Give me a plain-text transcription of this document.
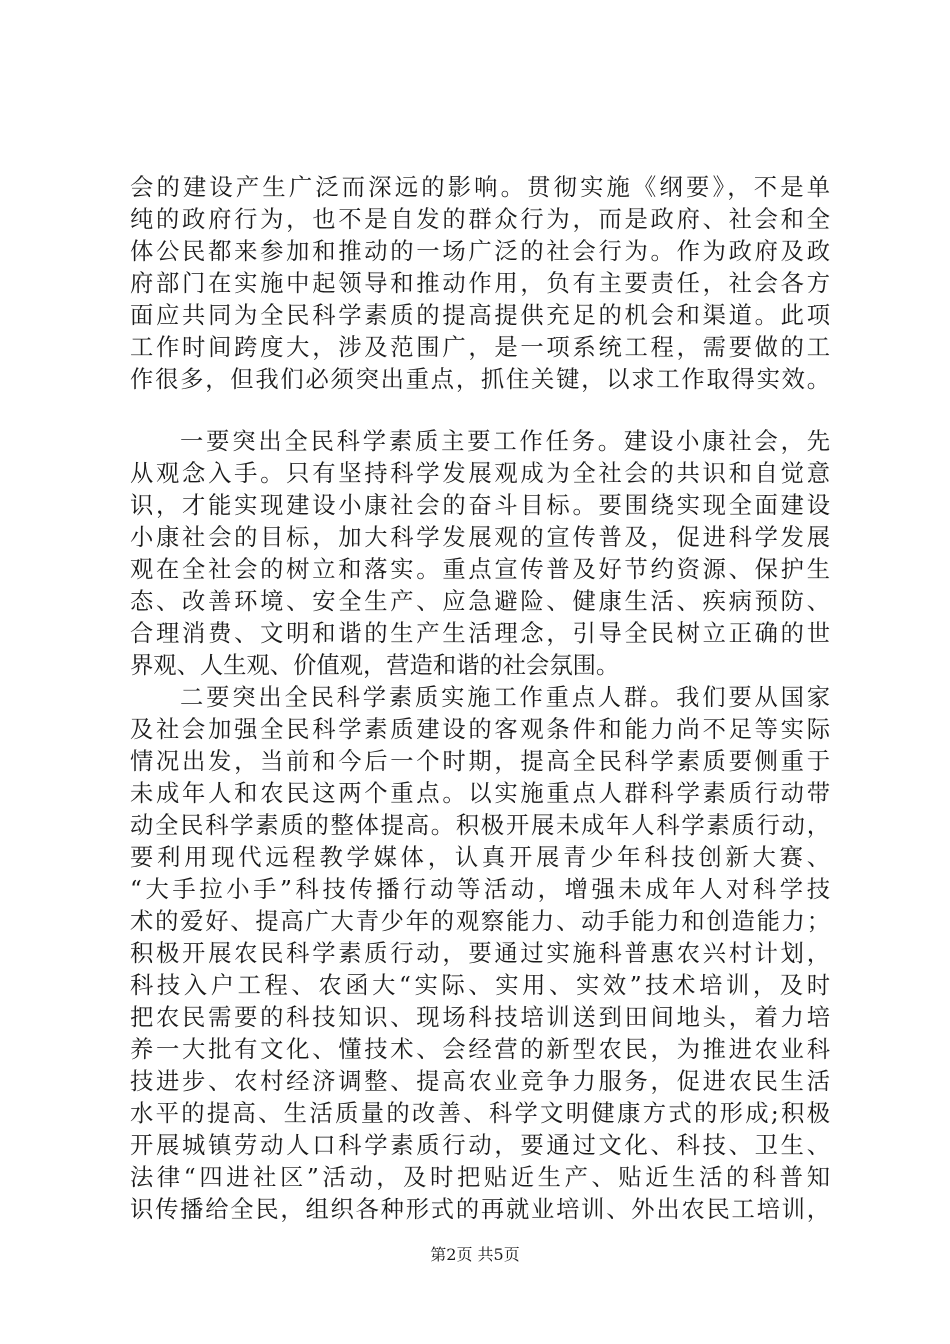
会的建设产生广泛而深远的影响。贯彻实施《纲要》，不是单
纯的政府行为，也不是自发的群众行为，而是政府、社会和全
体公民都来参加和推动的一场广泛的社会行为。作为政府及政
府部门在实施中起领导和推动作用，负有主要责任，社会各方
面应共同为全民科学素质的提高提供充足的机会和渠道。此项
工作时间跨度大，涉及范围广，是一项系统工程，需要做的工
作很多，但我们必须突出重点，抓住关键，以求工作取得实效。
一要突出全民科学素质主要工作任务。建设小康社会，先
从观念入手。只有坚持科学发展观成为全社会的共识和自觉意
识，才能实现建设小康社会的奋斗目标。要围绕实现全面建设
小康社会的目标，加大科学发展观的宣传普及，促进科学发展
观在全社会的树立和落实。重点宣传普及好节约资源、保护生
态、改善环境、安全生产、应急避险、健康生活、疾病预防、
合理消费、文明和谐的生产生活理念，引导全民树立正确的世
界观、人生观、价值观，营造和谐的社会氛围。
二要突出全民科学素质实施工作重点人群。我们要从国家
及社会加强全民科学素质建设的客观条件和能力尚不足等实际
情况出发，当前和今后一个时期，提高全民科学素质要侧重于
未成年人和农民这两个重点。以实施重点人群科学素质行动带
动全民科学素质的整体提高。积极开展未成年人科学素质行动，
要利用现代远程教学媒体，认真开展青少年科技创新大赛、
“大手拉小手”科技传播行动等活动，增强未成年人对科学技
术的爱好、提高广大青少年的观察能力、动手能力和创造能力；
积极开展农民科学素质行动，要通过实施科普惠农兴村计划，
科技入户工程、农函大“实际、实用、实效”技术培训，及时
把农民需要的科技知识、现场科技培训送到田间地头，着力培
养一大批有文化、懂技术、会经营的新型农民，为推进农业科
技进步、农村经济调整、提高农业竞争力服务，促进农民生活
水平的提高、生活质量的改善、科学文明健康方式的形成;积极
开展城镇劳动人口科学素质行动，要通过文化、科技、卫生、
法律“四进社区”活动，及时把贴近生产、贴近生活的科普知
识传播给全民，组织各种形式的再就业培训、外出农民工培训，
第2页 共5页
